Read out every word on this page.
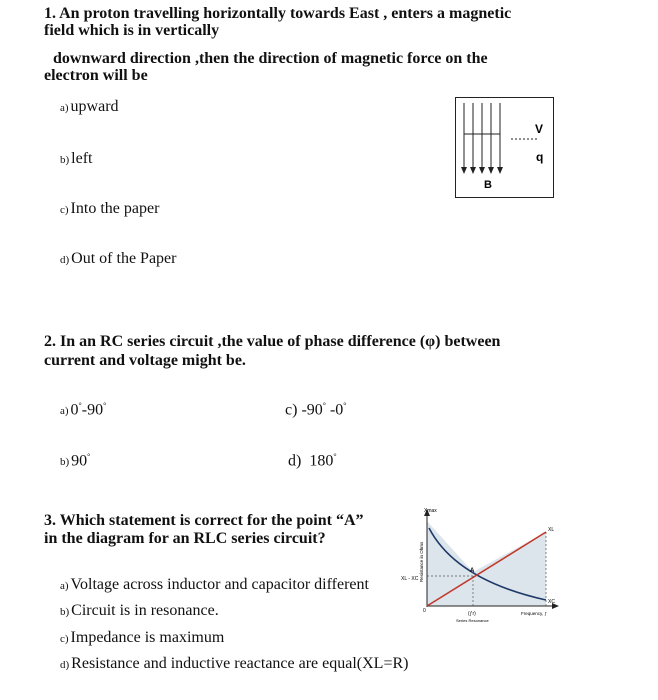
1. An proton travelling horizontally towards East , enters a magnetic
field which is in vertically
downward direction ,then the direction of magnetic force on the
electron will be
a) upward
b) left
c) Into the paper
d) Out of the Paper
V
q
B
2. In an RC series circuit ,the value of phase difference (φ) between
current and voltage might be.
a) 0°-90°	c) -90° -0°
b) 90°	d) 180°
3. Which statement is correct for the point “A”
in the diagram for an RLC series circuit?
a) Voltage across inductor and capacitor different
b) Circuit is in resonance.
c) Impedance is maximum
d) Resistance and inductive reactance are equal(XL=R)
Resistance in Ohms
Xmax
XL - XC
A
XL
XC
0	(ƒr)
Series Resonance
Frequency, ƒ
